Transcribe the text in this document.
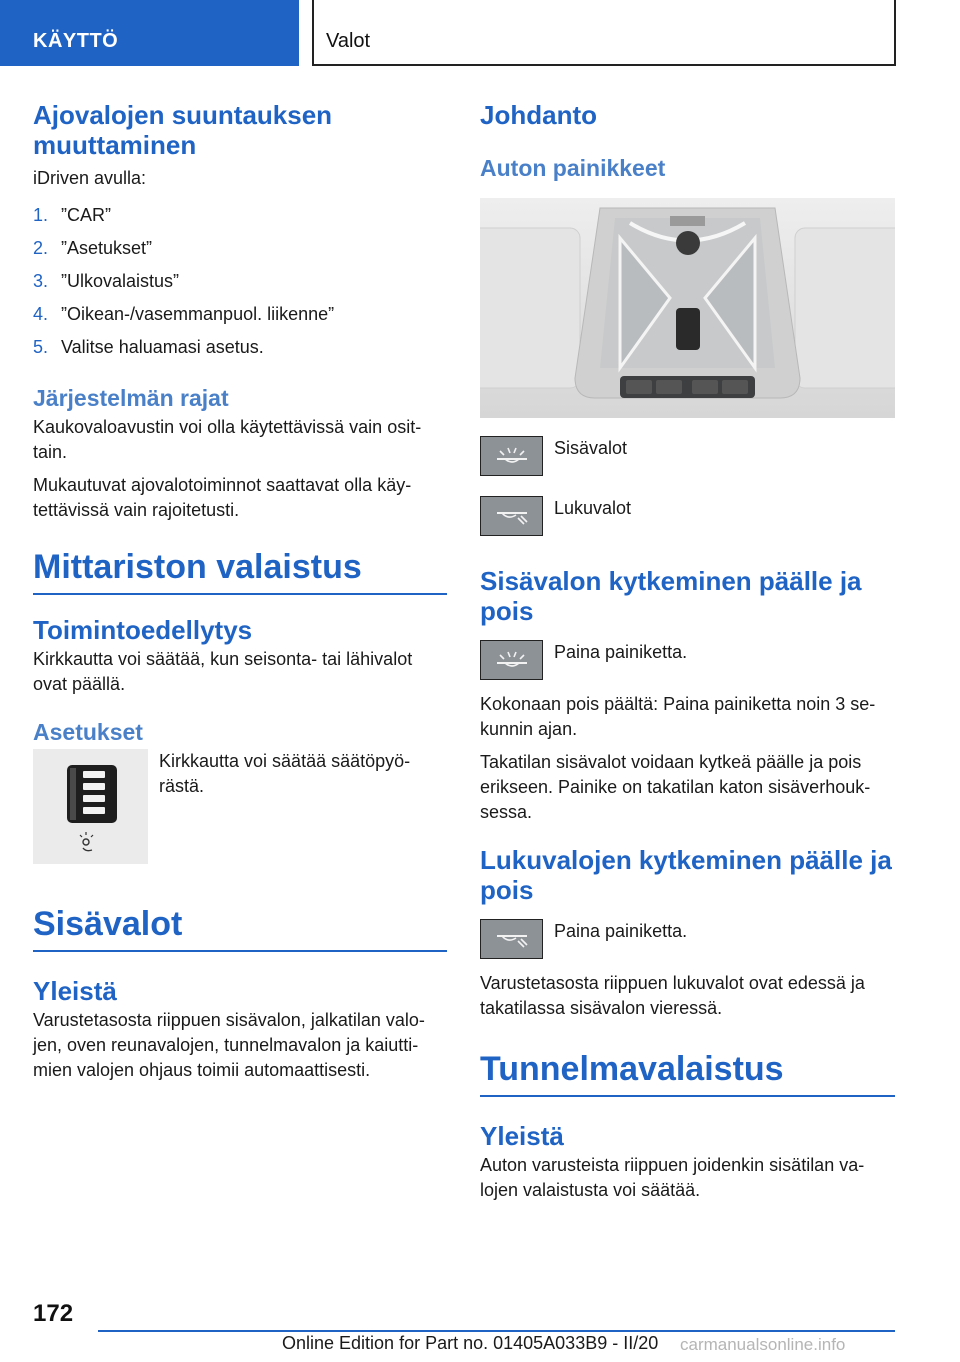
KÄYTTÖ	Valot
Ajovalojen suuntauksen muuttaminen

iDriven avulla:

1. ”CAR”
2. ”Asetukset”
3. ”Ulkovalaistus”
4. ”Oikean-/vasemmanpuol. liikenne”
5. Valitse haluamasi asetus.
Järjestelmän rajat

Kaukovaloavustin voi olla käytettävissä vain osittain.

Mukautuvat ajovalotoiminnot saattavat olla käytettävissä vain rajoitetusti.

Mittariston valaistus
Toimintoedellytys

Kirkkautta voi säätää, kun seisonta- tai lähivalot ovat päällä.

Asetukset

Kirkkautta voi säätää säätöpyörästä.

Sisävalot
Yleistä

Varustetasosta riippuen sisävalon, jalkatilan valojen, oven reunavalojen, tunnelmavalon ja kaiuttimien valojen ohjaus toimii automaattisesti.

Johdanto
Auton painikkeet

Sisävalot

Lukuvalot

Sisävalon kytkeminen päälle ja pois

Paina painiketta.

Kokonaan pois päältä: Paina painiketta noin 3 sekunnin ajan.

Takatilan sisävalot voidaan kytkeä päälle ja pois erikseen. Painike on takatilan katon sisäverhouksessa.

Lukuvalojen kytkeminen päälle ja pois

Paina painiketta.

Varustetasosta riippuen lukuvalot ovat edessä ja takatilassa sisävalon vieressä.

Tunnelmavalaistus
Yleistä

Auton varusteista riippuen joidenkin sisätilan valojen valaistusta voi säätää.

172
Online Edition for Part no. 01405A033B9 - II/20 carmanualsonline.info
